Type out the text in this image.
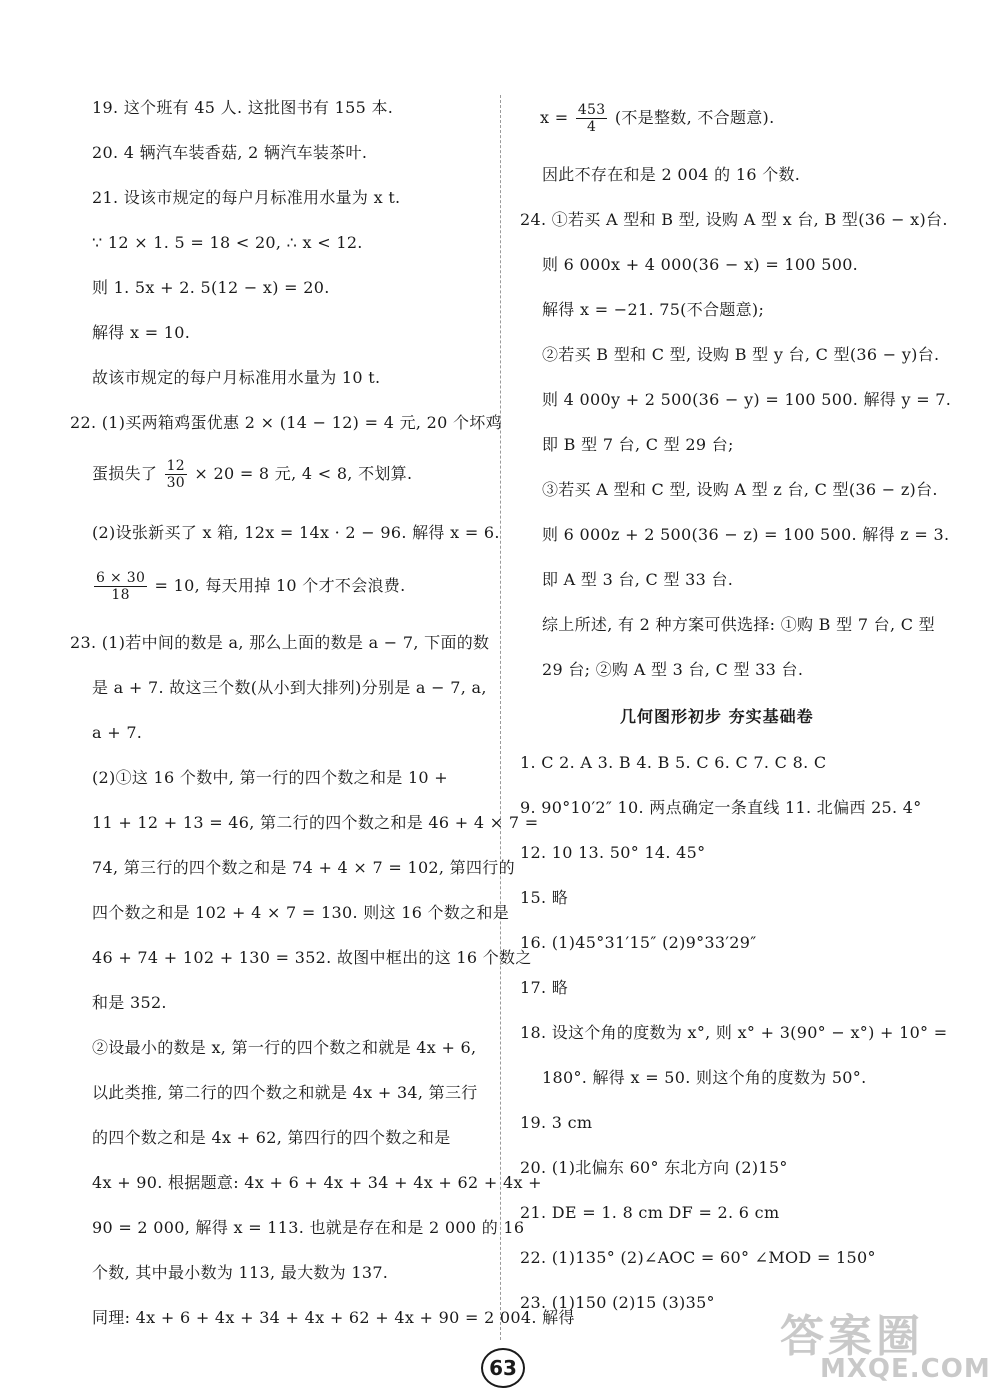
19. 这个班有 45 人. 这批图书有 155 本.
20. 4 辆汽车装香菇, 2 辆汽车装茶叶.
21. 设该市规定的每户月标准用水量为 x t.
∵ 12 × 1. 5 = 18 < 20, ∴ x < 12.
则 1. 5x + 2. 5(12 − x) = 20.
解得 x = 10.
故该市规定的每户月标准用水量为 10 t.
22. (1)买两箱鸡蛋优惠 2 × (14 − 12) = 4 元, 20 个坏鸡
蛋损失了 $\frac{12}{30} \times 20 = 8$ 元, 4 < 8, 不划算.
(2)设张新买了 x 箱, 12x = 14x · 2 − 96. 解得 x = 6.
$\frac{6 \times 30}{18} = 10$, 每天用掉 10 个才不会浪费.
23. (1)若中间的数是 a, 那么上面的数是 a − 7, 下面的数
是 a + 7. 故这三个数(从小到大排列)分别是 a − 7, a,
a + 7.
(2)①这 16 个数中, 第一行的四个数之和是 10 +
11 + 12 + 13 = 46, 第二行的四个数之和是 46 + 4 × 7 =
74, 第三行的四个数之和是 74 + 4 × 7 = 102, 第四行的
四个数之和是 102 + 4 × 7 = 130. 则这 16 个数之和是
46 + 74 + 102 + 130 = 352. 故图中框出的这 16 个数之
和是 352.
②设最小的数是 x, 第一行的四个数之和就是 4x + 6,
以此类推, 第二行的四个数之和就是 4x + 34, 第三行
的四个数之和是 4x + 62, 第四行的四个数之和是
4x + 90. 根据题意: 4x + 6 + 4x + 34 + 4x + 62 + 4x +
90 = 2 000, 解得 x = 113. 也就是存在和是 2 000 的 16
个数, 其中最小数为 113, 最大数为 137.
同理: 4x + 6 + 4x + 34 + 4x + 62 + 4x + 90 = 2 004. 解得
$x = \frac{453}{4}$ (不是整数, 不合题意).
因此不存在和是 2 004 的 16 个数.
24. ①若买 A 型和 B 型, 设购 A 型 x 台, B 型(36 − x)台.
则 6 000x + 4 000(36 − x) = 100 500.
解得 x = −21. 75(不合题意);
②若买 B 型和 C 型, 设购 B 型 y 台, C 型(36 − y)台.
则 4 000y + 2 500(36 − y) = 100 500. 解得 y = 7.
即 B 型 7 台, C 型 29 台;
③若买 A 型和 C 型, 设购 A 型 z 台, C 型(36 − z)台.
则 6 000z + 2 500(36 − z) = 100 500. 解得 z = 3.
即 A 型 3 台, C 型 33 台.
综上所述, 有 2 种方案可供选择: ①购 B 型 7 台, C 型
29 台; ②购 A 型 3 台, C 型 33 台.
几何图形初步 夯实基础卷
1. C 2. A 3. B 4. B 5. C 6. C 7. C 8. C
9. 90°10′2″ 10. 两点确定一条直线 11. 北偏西 25. 4°
12. 10 13. 50° 14. 45°
15. 略
16. (1)45°31′15″ (2)9°33′29″
17. 略
18. 设这个角的度数为 x°, 则 x° + 3(90° − x°) + 10° =
180°. 解得 x = 50. 则这个角的度数为 50°.
19. 3 cm
20. (1)北偏东 60° 东北方向 (2)15°
21. DE = 1. 8 cm DF = 2. 6 cm
22. (1)135° (2)∠AOC = 60° ∠MOD = 150°
23. (1)150 (2)15 (3)35°
63
答案圈
MXQE.COM
